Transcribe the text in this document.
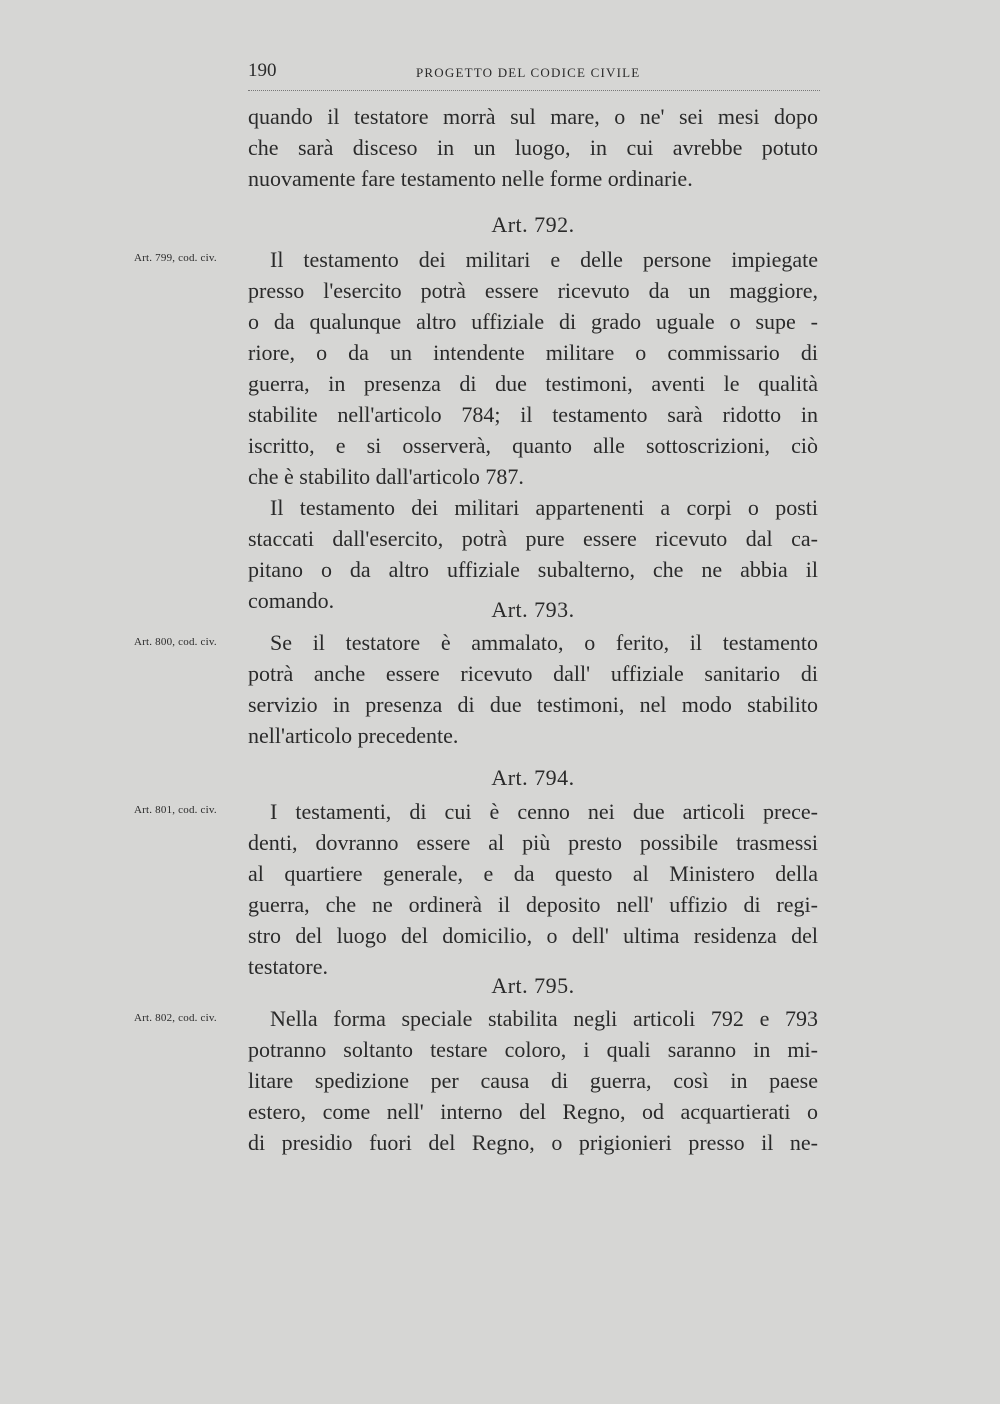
190	PROGETTO DEL CODICE CIVILE
quando il testatore morrà sul mare, o ne' sei mesi dopo
che sarà disceso in un luogo, in cui avrebbe potuto
nuovamente fare testamento nelle forme ordinarie.
Art. 792.
Art. 799, cod. civ.	Il testamento dei militari e delle persone impiegate
presso l'esercito potrà essere ricevuto da un maggiore,
o da qualunque altro uffiziale di grado uguale o supe -
riore, o da un intendente militare o commissario di
guerra, in presenza di due testimoni, aventi le qualità
stabilite nell'articolo 784; il testamento sarà ridotto in
iscritto, e si osserverà, quanto alle sottoscrizioni, ciò
che è stabilito dall'articolo 787.
Il testamento dei militari appartenenti a corpi o posti
staccati dall'esercito, potrà pure essere ricevuto dal ca-
pitano o da altro uffiziale subalterno, che ne abbia il
comando.	Art. 793.
Art. 800, cod. civ.	Se il testatore è ammalato, o ferito, il testamento
potrà anche essere ricevuto dall' uffiziale sanitario di
servizio in presenza di due testimoni, nel modo stabilito
nell'articolo precedente.
Art. 794.
Art. 801, cod. civ.	I testamenti, di cui è cenno nei due articoli prece-
denti, dovranno essere al più presto possibile trasmessi
al quartiere generale, e da questo al Ministero della
guerra, che ne ordinerà il deposito nell' uffizio di regi-
stro del luogo del domicilio, o dell' ultima residenza del
testatore.
Art. 795.
Art. 802, cod. civ.	Nella forma speciale stabilita negli articoli 792 e 793
potranno soltanto testare coloro, i quali saranno in mi-
litare spedizione per causa di guerra, così in paese
estero, come nell' interno del Regno, od acquartierati o
di presidio fuori del Regno, o prigionieri presso il ne-
